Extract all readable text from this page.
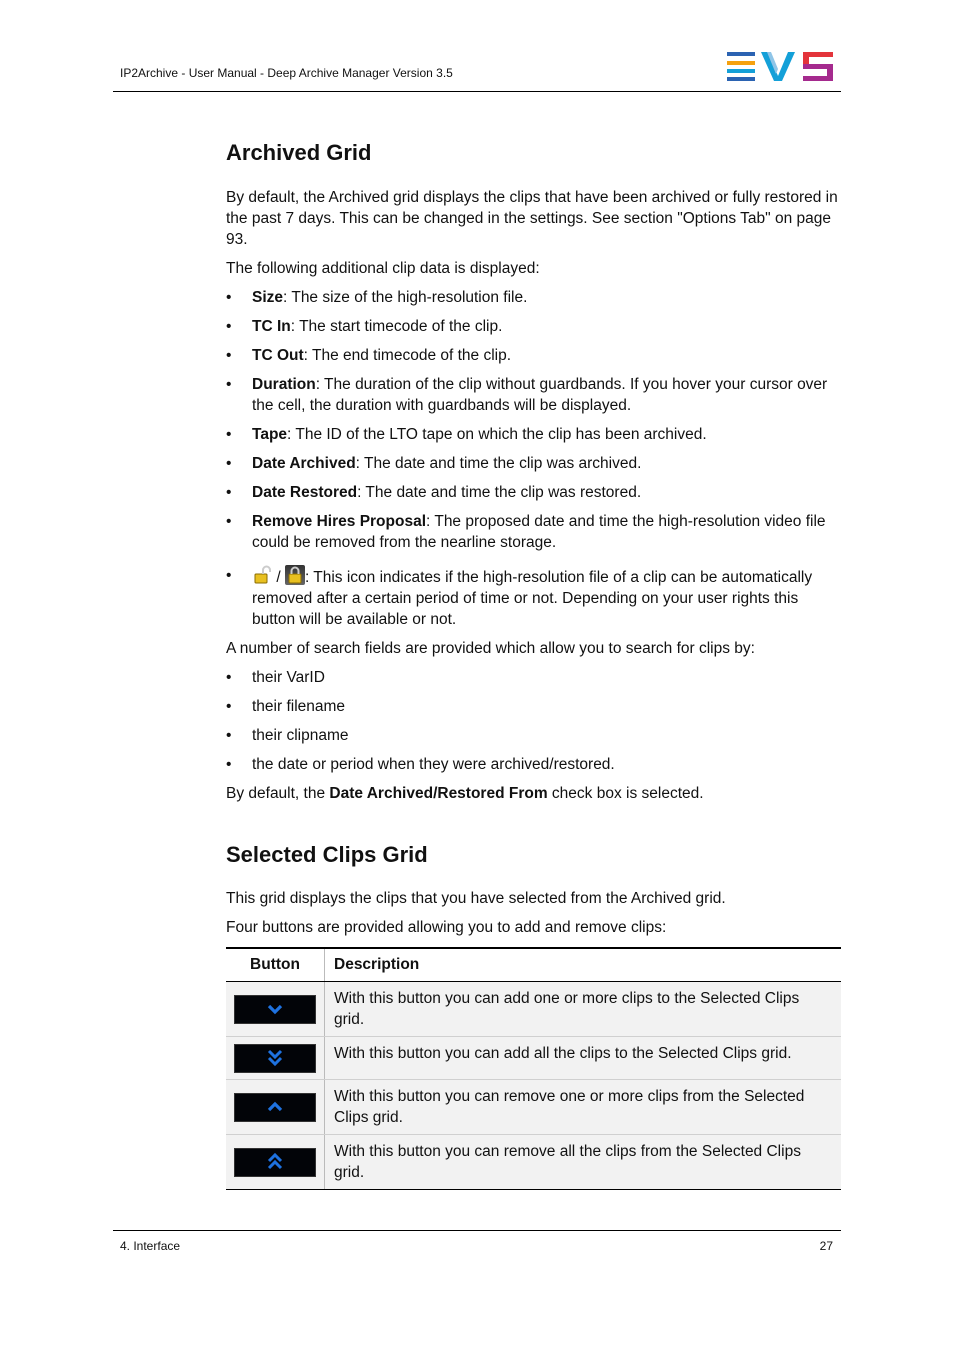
IP2Archive - User Manual - Deep Archive Manager Version 3.5
Archived Grid

By default, the Archived grid displays the clips that have been archived or fully restored in the past 7 days. This can be changed in the settings. See section "Options Tab" on page 93.

The following additional clip data is displayed:

• Size: The size of the high-resolution file.
• TC In: The start timecode of the clip.
• TC Out: The end timecode of the clip.
• Duration: The duration of the clip without guardbands. If you hover your cursor over the cell, the duration with guardbands will be displayed.
• Tape: The ID of the LTO tape on which the clip has been archived.
• Date Archived: The date and time the clip was archived.
• Date Restored: The date and time the clip was restored.
• Remove Hires Proposal: The proposed date and time the high-resolution video file could be removed from the nearline storage.
•	/ : This icon indicates if the high-resolution file of a clip can be automatically removed after a certain period of time or not. Depending on your user rights this button will be available or not.

A number of search fields are provided which allow you to search for clips by:

• their VarID
• their filename
• their clipname
• the date or period when they were archived/restored.

By default, the Date Archived/Restored From check box is selected.

Selected Clips Grid

This grid displays the clips that you have selected from the Archived grid.

Four buttons are provided allowing you to add and remove clips:

Button	Description

	With this button you can add one or more clips to the Selected Clips grid.

	With this button you can add all the clips to the Selected Clips grid.

	With this button you can remove one or more clips from the Selected Clips grid.

	With this button you can remove all the clips from the Selected Clips grid.
4. Interface	27
